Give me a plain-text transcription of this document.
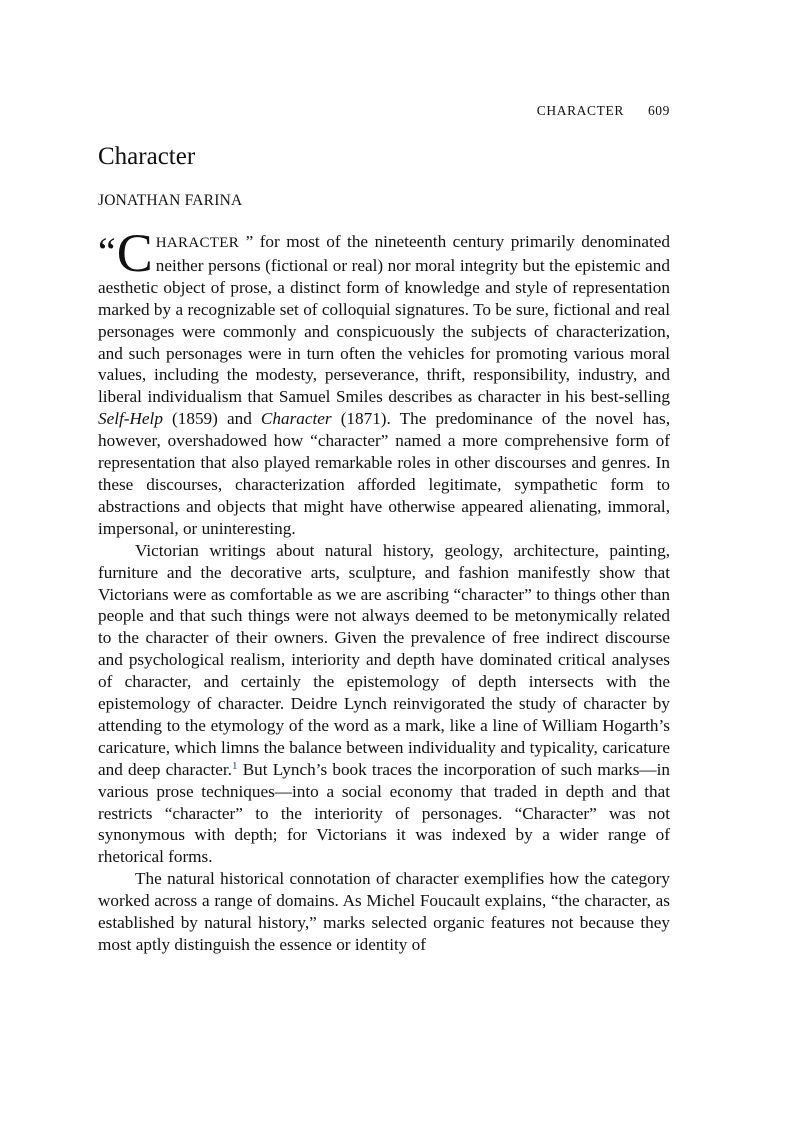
CHARACTER 609
Character
JONATHAN FARINA

“C HARACTER ” for most of the nineteenth century primarily denominated neither persons (fictional or real) nor moral integrity but the epistemic and aesthetic object of prose, a distinct form of knowledge and style of representation marked by a recognizable set of colloquial signatures. To be sure, fictional and real personages were commonly and conspicuously the subjects of characterization, and such personages were in turn often the vehicles for promoting various moral values, including the modesty, perseverance, thrift, responsibility, industry, and liberal individualism that Samuel Smiles describes as character in his best-selling Self-Help (1859) and Character (1871). The predominance of the novel has, however, overshadowed how “character” named a more comprehensive form of representation that also played remarkable roles in other discourses and genres. In these discourses, characterization afforded legitimate, sympathetic form to abstractions and objects that might have otherwise appeared alienating, immoral, impersonal, or uninteresting.

Victorian writings about natural history, geology, architecture, painting, furniture and the decorative arts, sculpture, and fashion manifestly show that Victorians were as comfortable as we are ascribing “character” to things other than people and that such things were not always deemed to be metonymically related to the character of their owners. Given the prevalence of free indirect discourse and psychological realism, interiority and depth have dominated critical analyses of character, and certainly the epistemology of depth intersects with the epistemology of character. Deidre Lynch reinvigorated the study of character by attending to the etymology of the word as a mark, like a line of William Hogarth’s caricature, which limns the balance between individuality and typicality, caricature and deep character.$^1$ But Lynch’s book traces the incorporation of such marks—in various prose techniques—into a social economy that traded in depth and that restricts “character” to the interiority of personages. “Character” was not synonymous with depth; for Victorians it was indexed by a wider range of rhetorical forms.

The natural historical connotation of character exemplifies how the category worked across a range of domains. As Michel Foucault explains, “the character, as established by natural history,” marks selected organic features not because they most aptly distinguish the essence or identity of
